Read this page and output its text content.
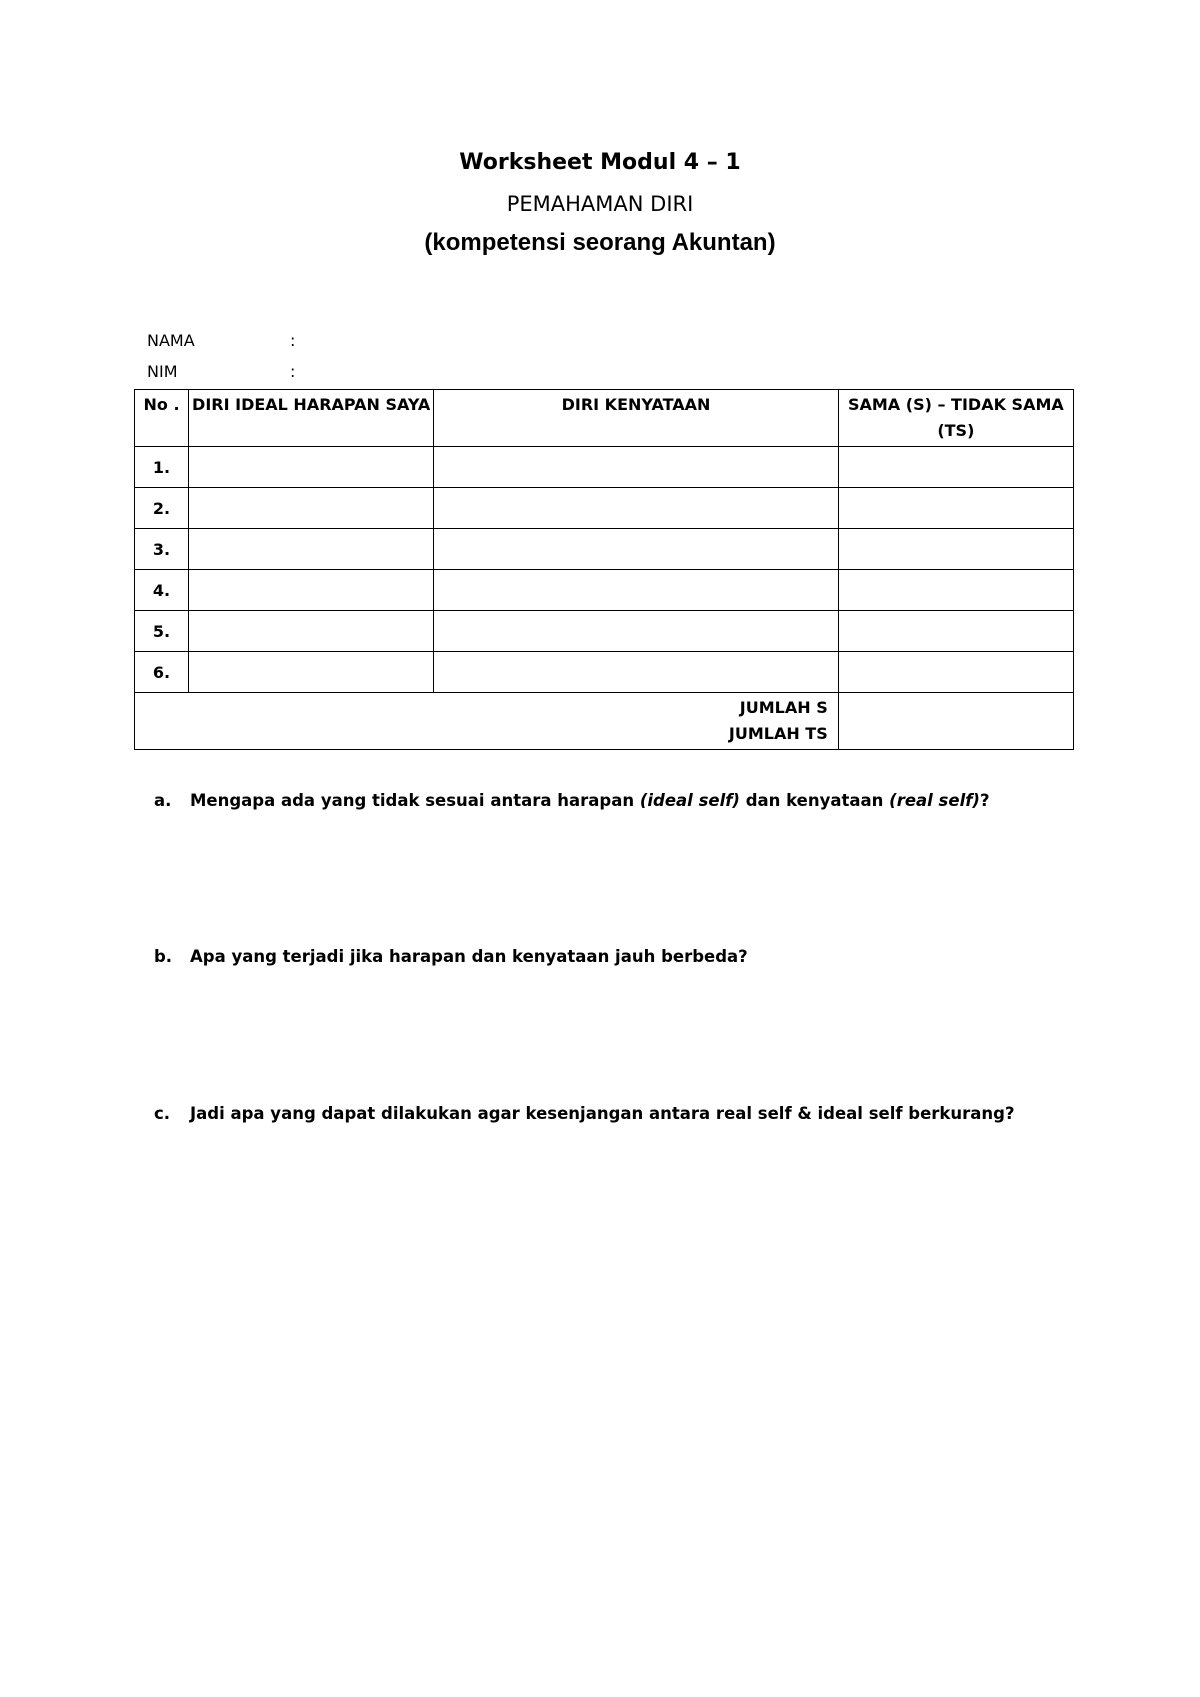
Worksheet Modul 4 – 1
PEMAHAMAN DIRI
(kompetensi seorang Akuntan)
NAMA	:
NIM	:
No .	DIRI IDEAL HARAPAN SAYA	DIRI KENYATAAN	SAMA (S) – TIDAK SAMA (TS)
1.			
2.			
3.			
4.			
5.			
6.			

JUMLAH S
JUMLAH TS			

a. Mengapa ada yang tidak sesuai antara harapan (ideal self) dan kenyataan (real self)?
b. Apa yang terjadi jika harapan dan kenyataan jauh berbeda?
c. Jadi apa yang dapat dilakukan agar kesenjangan antara real self & ideal self berkurang?
